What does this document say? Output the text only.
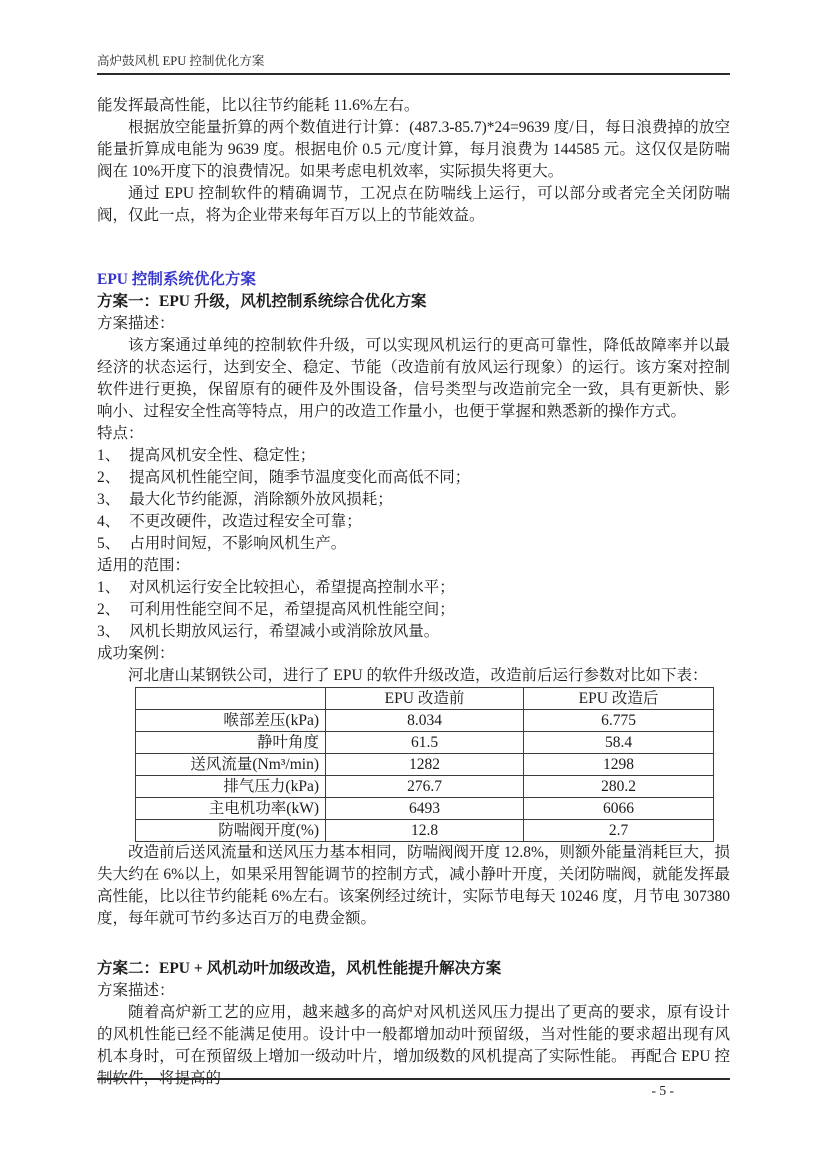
高炉鼓风机 EPU 控制优化方案

能发挥最高性能，比以往节约能耗 11.6%左右。

根据放空能量折算的两个数值进行计算：(487.3-85.7)*24=9639 度/日，每日浪费掉的放空能量折算成电能为 9639 度。根据电价 0.5 元/度计算，每月浪费为 144585 元。这仅仅是防喘阀在 10%开度下的浪费情况。如果考虑电机效率，实际损失将更大。

通过 EPU 控制软件的精确调节，工况点在防喘线上运行，可以部分或者完全关闭防喘阀，仅此一点，将为企业带来每年百万以上的节能效益。

EPU 控制系统优化方案

方案一：EPU 升级，风机控制系统综合优化方案

方案描述：

该方案通过单纯的控制软件升级，可以实现风机运行的更高可靠性，降低故障率并以最经济的状态运行，达到安全、稳定、节能（改造前有放风运行现象）的运行。该方案对控制软件进行更换，保留原有的硬件及外围设备，信号类型与改造前完全一致，具有更新快、影响小、过程安全性高等特点，用户的改造工作量小，也便于掌握和熟悉新的操作方式。

特点：

1、 提高风机安全性、稳定性；

2、 提高风机性能空间，随季节温度变化而高低不同；

3、 最大化节约能源，消除额外放风损耗；

4、 不更改硬件，改造过程安全可靠；

5、 占用时间短，不影响风机生产。

适用的范围：

1、 对风机运行安全比较担心，希望提高控制水平；

2、 可利用性能空间不足，希望提高风机性能空间；

3、 风机长期放风运行，希望减小或消除放风量。

成功案例：

河北唐山某钢铁公司，进行了 EPU 的软件升级改造，改造前后运行参数对比如下表：

	EPU 改造前	EPU 改造后
喉部差压(kPa)	8.034	6.775
静叶角度	61.5	58.4
送风流量(Nm³/min)	1282	1298
排气压力(kPa)	276.7	280.2
主电机功率(kW)	6493	6066
防喘阀开度(%)	12.8	2.7

改造前后送风流量和送风压力基本相同，防喘阀阀开度 12.8%，则额外能量消耗巨大，损失大约在 6%以上，如果采用智能调节的控制方式，减小静叶开度，关闭防喘阀，就能发挥最高性能，比以往节约能耗 6%左右。该案例经过统计，实际节电每天 10246 度，月节电 307380 度，每年就可节约多达百万的电费金额。

方案二：EPU + 风机动叶加级改造，风机性能提升解决方案

方案描述：

随着高炉新工艺的应用，越来越多的高炉对风机送风压力提出了更高的要求，原有设计的风机性能已经不能满足使用。设计中一般都增加动叶预留级，当对性能的要求超出现有风机本身时，可在预留级上增加一级动叶片，增加级数的风机提高了实际性能。 再配合 EPU 控制软件，将提高的

- 5 -
